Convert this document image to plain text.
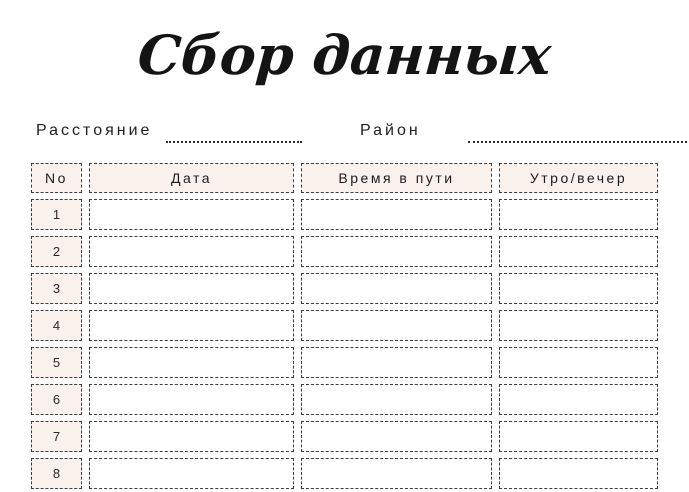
Сбор данных
Расстояние	Район
No	Дата	Время в пути	Утро/вечер
1
2
3
4
5
6
7
8
